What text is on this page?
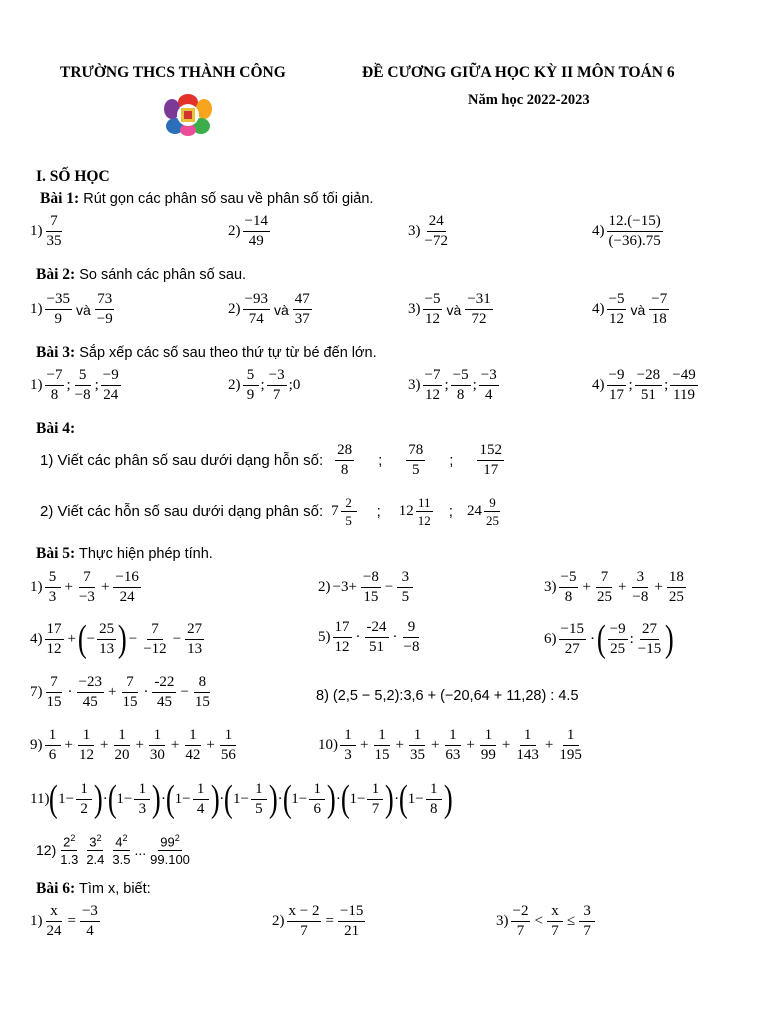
TRƯỜNG THCS THÀNH CÔNG	ĐỀ CƯƠNG GIỮA HỌC KỲ II MÔN TOÁN 6
Năm học 2022-2023
I. SỐ HỌC
Bài 1: Rút gọn các phân số sau về phân số tối giản.
$1) \frac{7}{35}$	$2) \frac{-14}{49}$	$3) \frac{24}{-72}$	$4) \frac{12.(-15)}{(-36).75}$
Bài 2: So sánh các phân số sau.
$1) \frac{-35}{9}$ và $\frac{73}{-9}$	$2) \frac{-93}{74}$ và $\frac{47}{37}$	$3) \frac{-5}{12}$ và $\frac{-31}{72}$	$4) \frac{-5}{12}$ và $\frac{-7}{18}$
Bài 3: Sắp xếp các số sau theo thứ tự từ bé đến lớn.
$1) \frac{-7}{8}$ ; $\frac{5}{-8}$ ; $\frac{-9}{24}$	$2) \frac{5}{9}$ ; $\frac{-3}{7}$ ; 0	$3) \frac{-7}{12}$ ; $\frac{-5}{8}$ ; $\frac{-3}{4}$	$4) \frac{-9}{17}$ ; $\frac{-28}{51}$ ; $\frac{-49}{119}$
Bài 4:
1) Viết các phân số sau dưới dạng hỗn số: $\frac{28}{8}$ ; $\frac{78}{5}$ ; $\frac{152}{17}$
2) Viết các hỗn số sau dưới dạng phân số: $7 \frac{2}{5}$ ; $12 \frac{11}{12}$ ; $24 \frac{9}{25}$
Bài 5: Thực hiện phép tính.
$1) \frac{5}{3} + \frac{7}{-3} + \frac{-16}{24}$	$2) -3+ \frac{-8}{15} - \frac{3}{5}$	$3) \frac{-5}{8} + \frac{7}{25} + \frac{3}{-8} + \frac{18}{25}$
$4) \frac{17}{12}$ + ( − $\frac{25}{13}$ ) − $\frac{7}{-12} - \frac{27}{13}$	$5) \frac{17}{12} \cdot \frac{-24}{51} \cdot \frac{9}{-8}$	$6) \frac{-15}{27}$ · ( $\frac{-9}{25}$ : $\frac{27}{-15}$ )
$7) \frac{7}{15} \cdot \frac{-23}{45} + \frac{7}{15} \cdot \frac{-22}{45} - \frac{8}{15}$	8) (2,5 − 5,2):3,6 + (−20,64 + 11,28) : 4.5
$9) \frac{1}{6} + \frac{1}{12} + \frac{1}{20} + \frac{1}{30} + \frac{1}{42} + \frac{1}{56}$	$10) \frac{1}{3} + \frac{1}{15} + \frac{1}{35} + \frac{1}{63} + \frac{1}{99} + \frac{1}{143} + \frac{1}{195}$
11) ( $1- \frac{1}{2}$ ) · ( $1- \frac{1}{3}$ ) · ( $1- \frac{1}{4}$ ) · ( $1- \frac{1}{5}$ ) · ( $1- \frac{1}{6}$ ) · ( $1- \frac{1}{7}$ ) · ( $1- \frac{1}{8}$ )
$12) \frac{2^2}{1.3} \frac{3^2}{2.4} \frac{4^2}{3.5}$ ... $\frac{99^2}{99.100}$
Bài 6: Tìm x, biết:
$1) \frac{x}{24} = \frac{-3}{4}$	$2) \frac{x - 2}{7} = \frac{-15}{21}$	$3) \frac{-2}{7} < \frac{x}{7} \le \frac{3}{7}$
